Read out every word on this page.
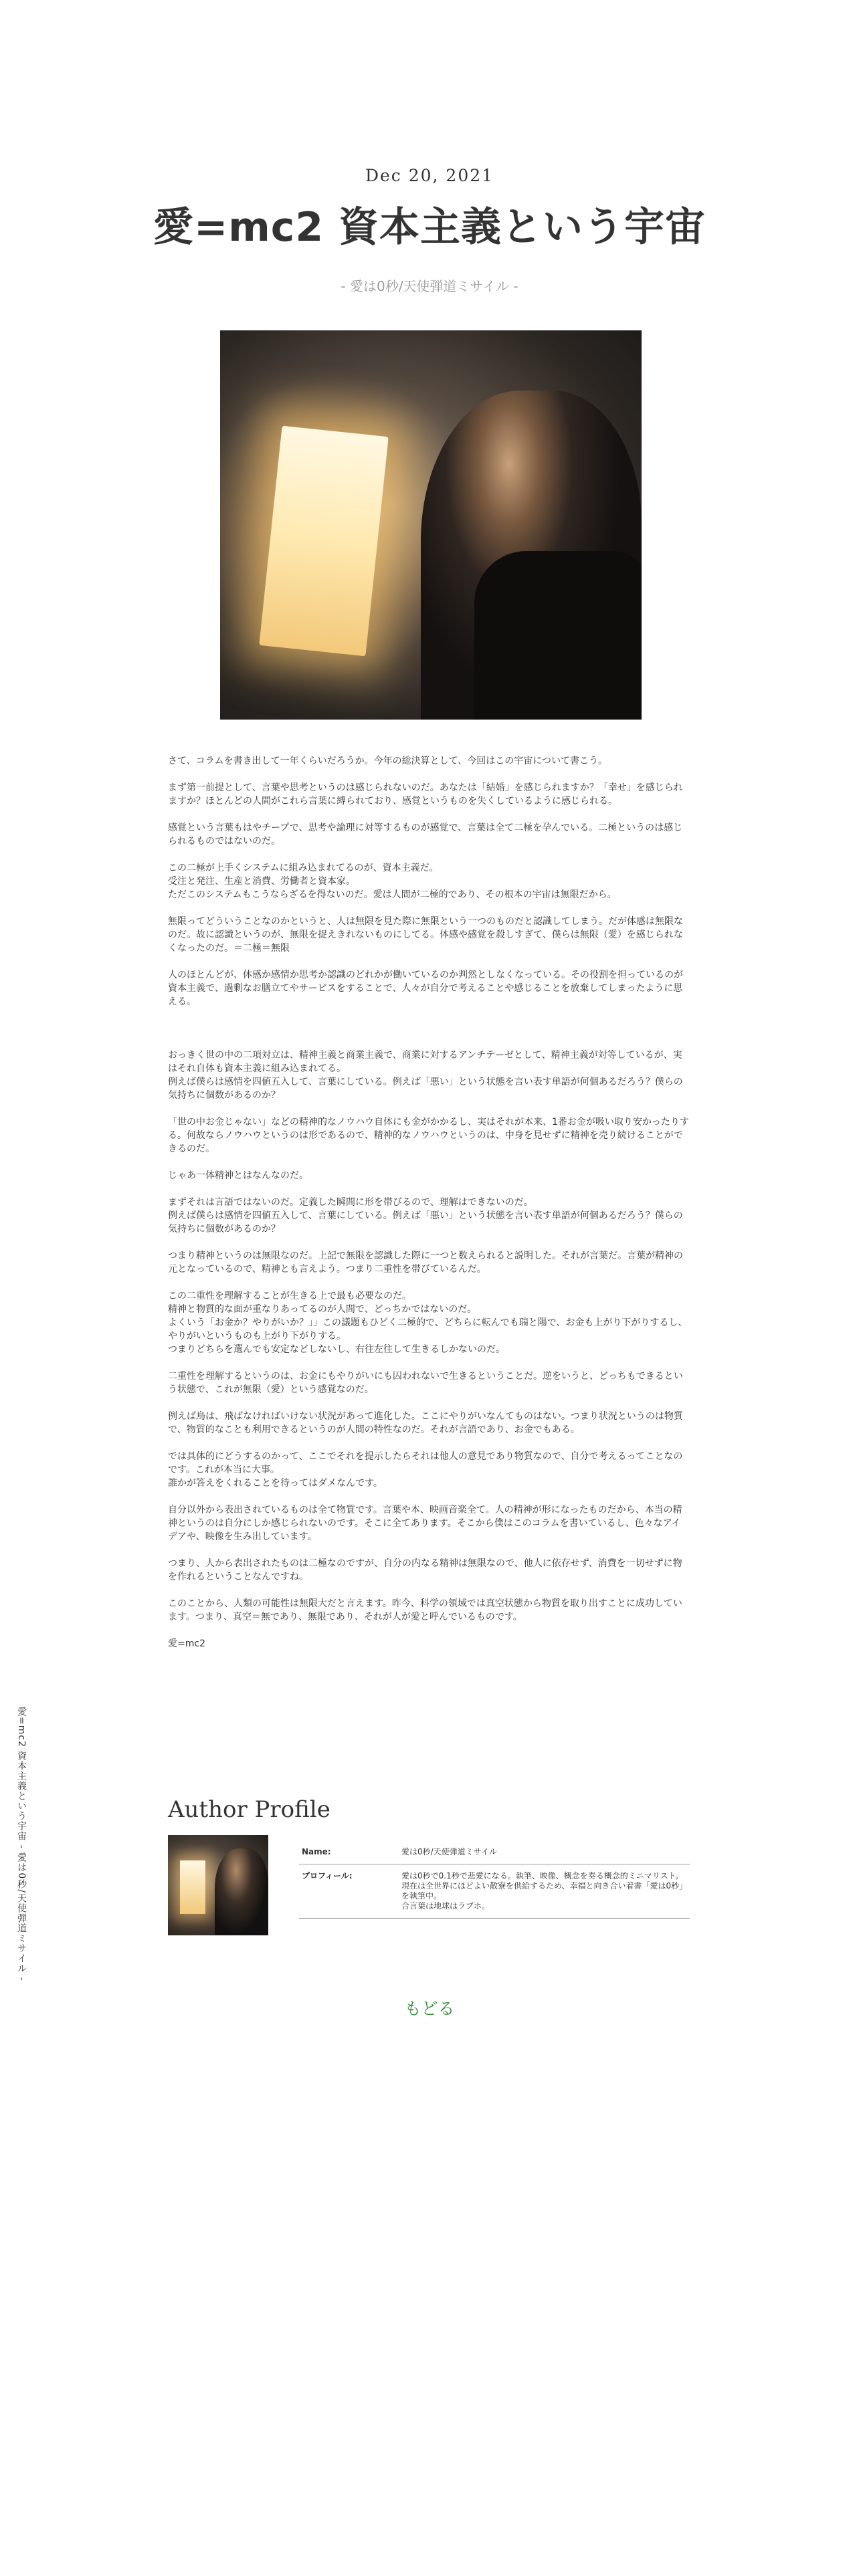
愛=mc2 資本主義という宇宙 - 愛は0秒/天使弾道ミサイル -
Dec 20, 2021
愛=mc2 資本主義という宇宙
- 愛は0秒/天使弾道ミサイル -

さて、コラムを書き出して一年くらいだろうか。今年の総決算として、今回はこの宇宙について書こう。

まず第一前提として、言葉や思考というのは感じられないのだ。あなたは「結婚」を感じられますか？「幸せ」を感じられますか？ほとんどの人間がこれら言葉に縛られており、感覚というものを失くしているように感じられる。

感覚という言葉もはやチープで、思考や論理に対等するものが感覚で、言葉は全て二極を孕んでいる。二極というのは感じられるものではないのだ。

この二極が上手くシステムに組み込まれてるのが、資本主義だ。
受注と発注、生産と消費、労働者と資本家。
ただこのシステムもこうならざるを得ないのだ。愛は人間が二極的であり、その根本の宇宙は無限だから。

無限ってどういうことなのかというと、人は無限を見た際に無限という一つのものだと認識してしまう。だが体感は無限なのだ。故に認識というのが、無限を捉えきれないものにしてる。体感や感覚を殺しすぎて、僕らは無限（愛）を感じられなくなったのだ。＝二極＝無限

人のほとんどが、体感か感情か思考か認識のどれかが働いているのか判然としなくなっている。その役割を担っているのが資本主義で、過剰なお膳立てやサービスをすることで、人々が自分で考えることや感じることを放棄してしまったように思える。

おっきく世の中の二項対立は、精神主義と商業主義で、商業に対するアンチテーゼとして、精神主義が対等しているが、実はそれ自体も資本主義に組み込まれてる。
例えば僕らは感情を四値五入して、言葉にしている。例えば「悪い」という状態を言い表す単語が何個あるだろう？僕らの気持ちに個数があるのか？

「世の中お金じゃない」などの精神的なノウハウ自体にも金がかかるし、実はそれが本来、1番お金が吸い取り安かったりする。何故ならノウハウというのは形であるので、精神的なノウハウというのは、中身を見せずに精神を売り続けることができるのだ。

じゃあ一体精神とはなんなのだ。

まずそれは言語ではないのだ。定義した瞬間に形を帯びるので、理解はできないのだ。
例えば僕らは感情を四値五入して、言葉にしている。例えば「悪い」という状態を言い表す単語が何個あるだろう？僕らの気持ちに個数があるのか？

つまり精神というのは無限なのだ。上記で無限を認識した際に一つと数えられると説明した。それが言葉だ。言葉が精神の元となっているので、精神とも言えよう。つまり二重性を帯びているんだ。

この二重性を理解することが生きる上で最も必要なのだ。
精神と物質的な面が重なりあってるのが人間で、どっちかではないのだ。
よくいう「お金か？やりがいか？」」この議題もひどく二極的で、どちらに転んでも瑞と陽で、お金も上がり下がりするし、やりがいというものも上がり下がりする。
つまりどちらを選んでも安定などしないし、右往左往して生きるしかないのだ。

二重性を理解するというのは、お金にもやりがいにも囚われないで生きるということだ。逆をいうと、どっちもできるという状態で、これが無限（愛）という感覚なのだ。

例えば鳥は、飛ばなければいけない状況があって進化した。ここにやりがいなんてものはない。つまり状況というのは物質で、物質的なことも利用できるというのが人間の特性なのだ。それが言語であり、お金でもある。

では具体的にどうするのかって、ここでそれを提示したらそれは他人の意見であり物質なので、自分で考えるってことなのです。これが本当に大事。
誰かが答えをくれることを待ってはダメなんです。

自分以外から表出されているものは全て物質です。言葉や本、映画音楽全て。人の精神が形になったものだから、本当の精神というのは自分にしか感じられないのです。そこに全てあります。そこから僕はこのコラムを書いているし、色々なアイデアや、映像を生み出しています。

つまり、人から表出されたものは二極なのですが、自分の内なる精神は無限なので、他人に依存せず、消費を一切せずに物を作れるということなんですね。

このことから、人類の可能性は無限大だと言えます。昨今、科学の領域では真空状態から物質を取り出すことに成功しています。つまり、真空＝無であり、無限であり、それが人が愛と呼んでいるものです。

愛=mc2

Author Profile
Name:	愛は0秒/天使弾道ミサイル
プロフィール:	愛は0秒で0.1秒で悲愛になる。執筆、映像、概念を奏る概念的ミニマリスト。
現在は全世界にほどよい散寮を供給するため、幸福と向き合い着書「愛は0秒」を執筆中。
合言葉は地球はラブホ。
もどる
